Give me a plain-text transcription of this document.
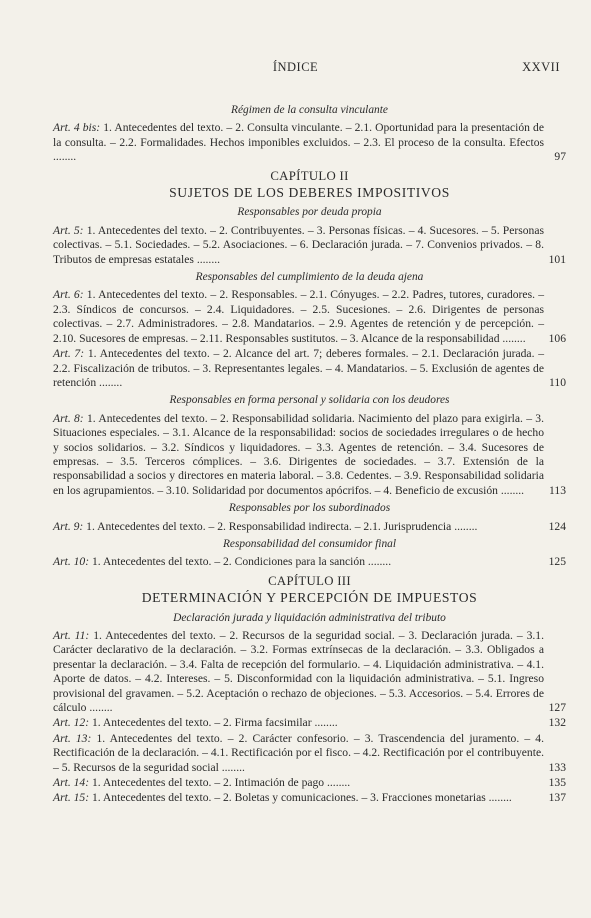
ÍNDICE	XXVII
Régimen de la consulta vinculante
Art. 4 bis: 1. Antecedentes del texto. – 2. Consulta vinculante. – 2.1. Oportunidad para la presentación de la consulta. – 2.2. Formalidades. Hechos imponibles excluidos. – 2.3. El proceso de la consulta. Efectos ........	97
CAPÍTULO II
SUJETOS DE LOS DEBERES IMPOSITIVOS
Responsables por deuda propia
Art. 5: 1. Antecedentes del texto. – 2. Contribuyentes. – 3. Personas físicas. – 4. Sucesores. – 5. Personas colectivas. – 5.1. Sociedades. – 5.2. Asociaciones. – 6. Declaración jurada. – 7. Convenios privados. – 8. Tributos de empresas estatales ........	101
Responsables del cumplimiento de la deuda ajena
Art. 6: 1. Antecedentes del texto. – 2. Responsables. – 2.1. Cónyuges. – 2.2. Padres, tutores, curadores. – 2.3. Síndicos de concursos. – 2.4. Liquidadores. – 2.5. Sucesiones. – 2.6. Dirigentes de personas colectivas. – 2.7. Administradores. – 2.8. Mandatarios. – 2.9. Agentes de retención y de percepción. – 2.10. Sucesores de empresas. – 2.11. Responsables sustitutos. – 3. Alcance de la responsabilidad ........ 106
Art. 7: 1. Antecedentes del texto. – 2. Alcance del art. 7; deberes formales. – 2.1. Declaración jurada. – 2.2. Fiscalización de tributos. – 3. Representantes legales. – 4. Mandatarios. – 5. Exclusión de agentes de retención ........	110
Responsables en forma personal y solidaria con los deudores
Art. 8: 1. Antecedentes del texto. – 2. Responsabilidad solidaria. Nacimiento del plazo para exigirla. – 3. Situaciones especiales. – 3.1. Alcance de la responsabilidad: socios de sociedades irregulares o de hecho y socios solidarios. – 3.2. Síndicos y liquidadores. – 3.3. Agentes de retención. – 3.4. Sucesores de empresas. – 3.5. Terceros cómplices. – 3.6. Dirigentes de sociedades. – 3.7. Extensión de la responsabilidad a socios y directores en materia laboral. – 3.8. Cedentes. – 3.9. Responsabilidad solidaria en los agrupamientos. – 3.10. Solidaridad por documentos apócrifos. – 4. Beneficio de excusión ........ 113
Responsables por los subordinados
Art. 9: 1. Antecedentes del texto. – 2. Responsabilidad indirecta. – 2.1. Jurisprudencia ........	124
Responsabilidad del consumidor final
Art. 10: 1. Antecedentes del texto. – 2. Condiciones para la sanción ........	125
CAPÍTULO III
DETERMINACIÓN Y PERCEPCIÓN DE IMPUESTOS
Declaración jurada y liquidación administrativa del tributo
Art. 11: 1. Antecedentes del texto. – 2. Recursos de la seguridad social. – 3. Declaración jurada. – 3.1. Carácter declarativo de la declaración. – 3.2. Formas extrínsecas de la declaración. – 3.3. Obligados a presentar la declaración. – 3.4. Falta de recepción del formulario. – 4. Liquidación administrativa. – 4.1. Aporte de datos. – 4.2. Intereses. – 5. Disconformidad con la liquidación administrativa. – 5.1. Ingreso provisional del gravamen. – 5.2. Aceptación o rechazo de objeciones. – 5.3. Accesorios. – 5.4. Errores de cálculo ........	127
Art. 12: 1. Antecedentes del texto. – 2. Firma facsimilar ........	132
Art. 13: 1. Antecedentes del texto. – 2. Carácter confesorio. – 3. Trascendencia del juramento. – 4. Rectificación de la declaración. – 4.1. Rectificación por el fisco. – 4.2. Rectificación por el contribuyente. – 5. Recursos de la seguridad social ........	133
Art. 14: 1. Antecedentes del texto. – 2. Intimación de pago ........	135
Art. 15: 1. Antecedentes del texto. – 2. Boletas y comunicaciones. – 3. Fracciones monetarias ........	137
